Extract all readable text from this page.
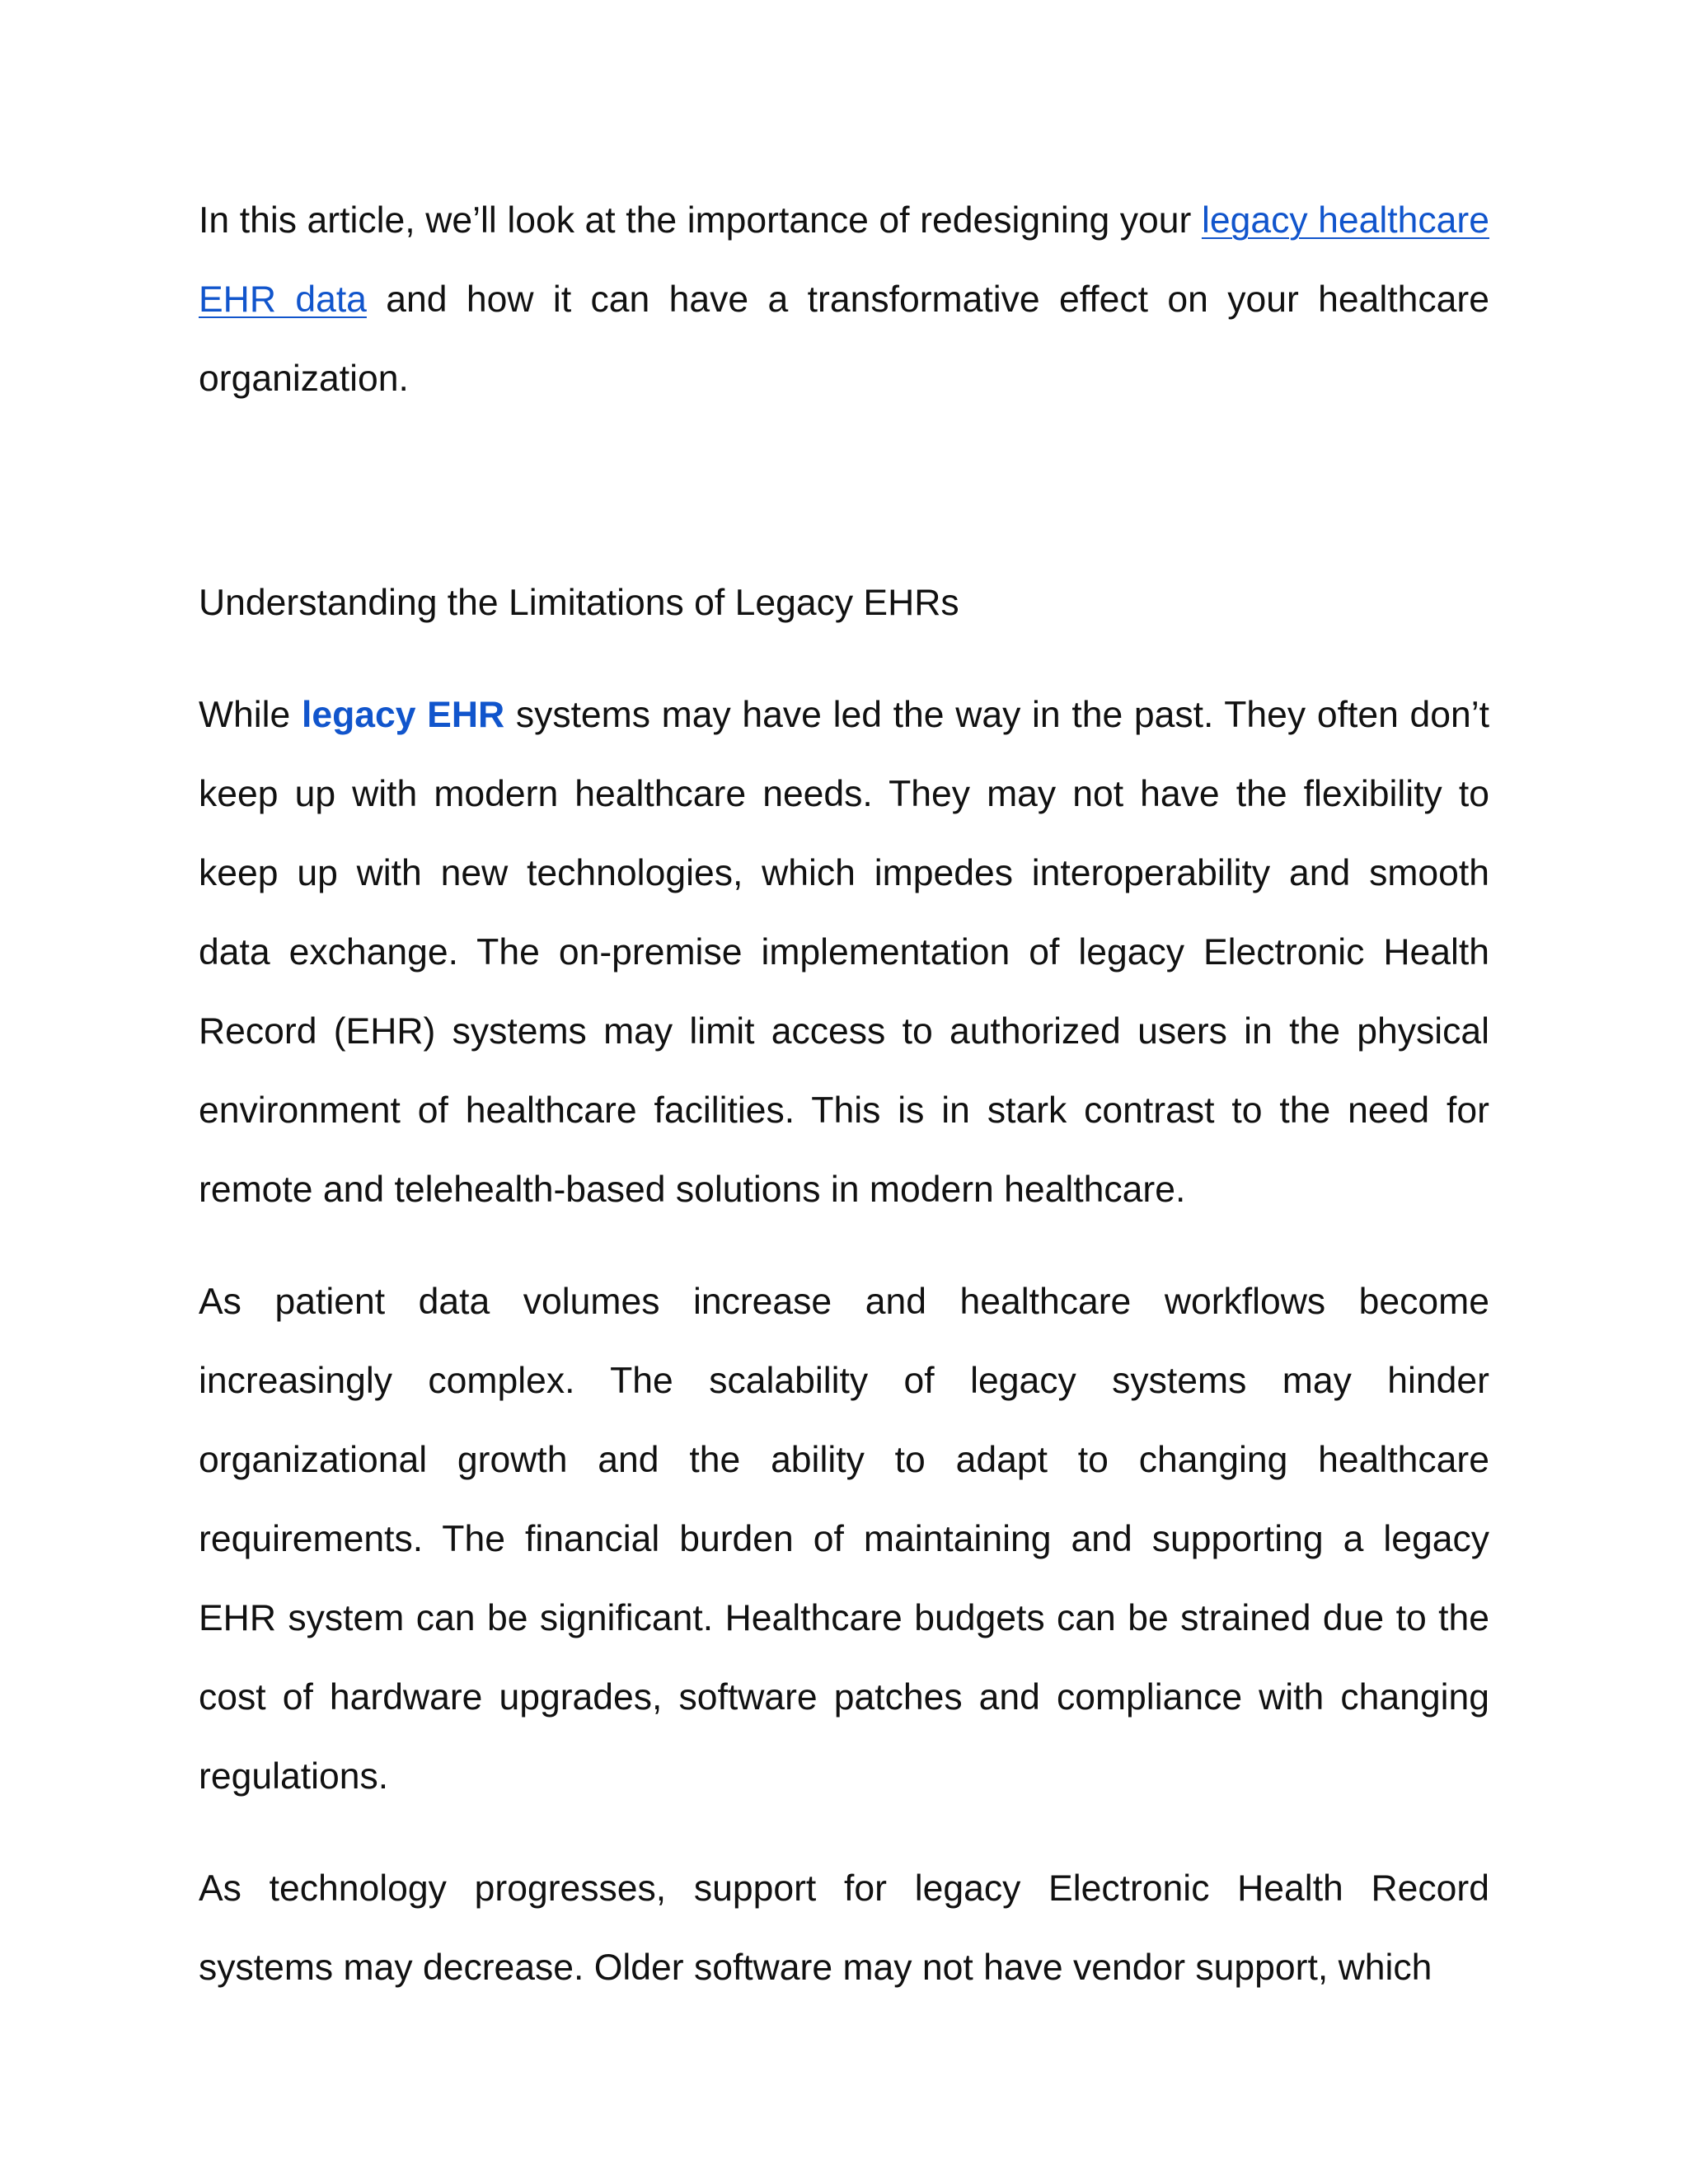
In this article, we’ll look at the importance of redesigning your legacy healthcare EHR data and how it can have a transformative effect on your healthcare organization.

Understanding the Limitations of Legacy EHRs

While legacy EHR systems may have led the way in the past. They often don’t keep up with modern healthcare needs. They may not have the flexibility to keep up with new technologies, which impedes interoperability and smooth data exchange. The on-premise implementation of legacy Electronic Health Record (EHR) systems may limit access to authorized users in the physical environment of healthcare facilities. This is in stark contrast to the need for remote and telehealth-based solutions in modern healthcare.

As patient data volumes increase and healthcare workflows become increasingly complex. The scalability of legacy systems may hinder organizational growth and the ability to adapt to changing healthcare requirements. The financial burden of maintaining and supporting a legacy EHR system can be significant. Healthcare budgets can be strained due to the cost of hardware upgrades, software patches and compliance with changing regulations.

As technology progresses, support for legacy Electronic Health Record systems may decrease. Older software may not have vendor support, which
